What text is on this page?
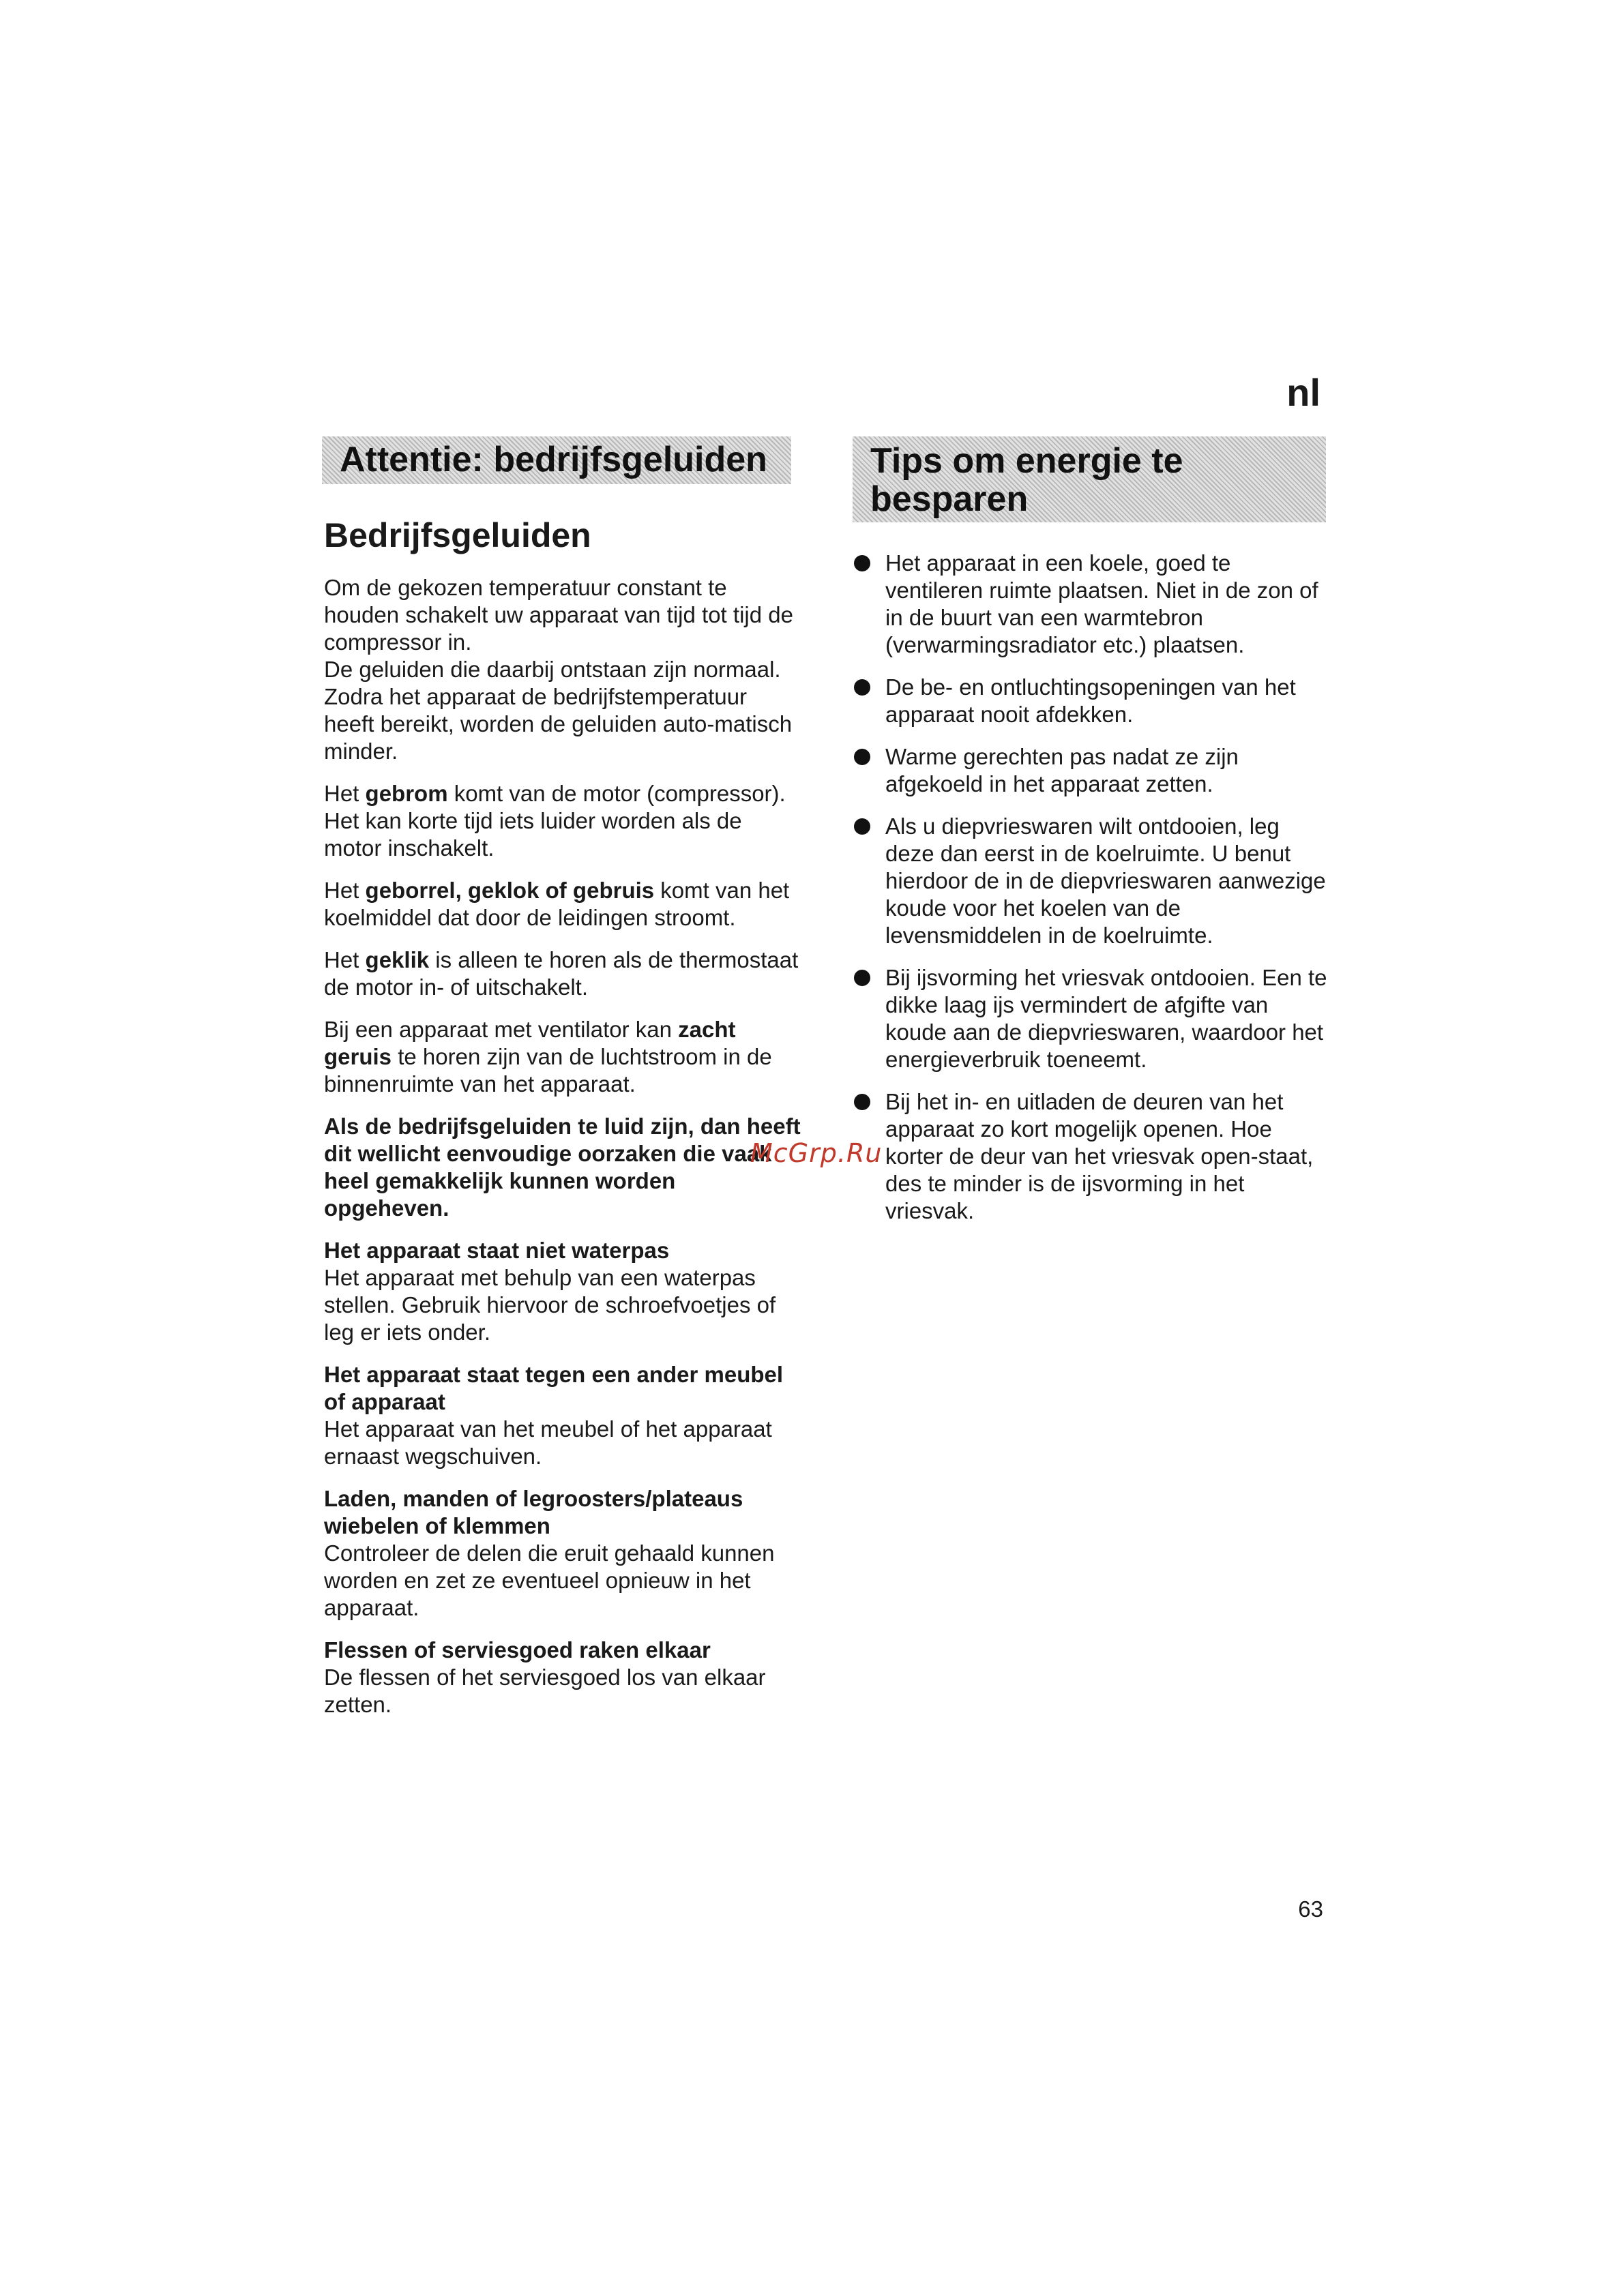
nl
Attentie: bedrijfsgeluiden	Tips om energie te
besparen
Bedrijfsgeluiden

Om de gekozen temperatuur constant te houden schakelt uw apparaat van tijd tot tijd de compressor in.
De geluiden die daarbij ontstaan zijn normaal.
Zodra het apparaat de bedrijfstemperatuur heeft bereikt, worden de geluiden auto-matisch minder.

Het gebrom komt van de motor (compressor). Het kan korte tijd iets luider worden als de motor inschakelt.

Het geborrel, geklok of gebruis komt van het koelmiddel dat door de leidingen stroomt.

Het geklik is alleen te horen als de thermostaat de motor in- of uitschakelt.

Bij een apparaat met ventilator kan zacht geruis te horen zijn van de luchtstroom in de binnenruimte van het apparaat.

Als de bedrijfsgeluiden te luid zijn, dan heeft dit wellicht eenvoudige oorzaken die vaak heel gemakkelijk kunnen worden opgeheven.

Het apparaat staat niet waterpas
Het apparaat met behulp van een waterpas stellen. Gebruik hiervoor de schroefvoetjes of leg er iets onder.

Het apparaat staat tegen een ander meubel of apparaat
Het apparaat van het meubel of het apparaat ernaast wegschuiven.

Laden, manden of legroosters/plateaus wiebelen of klemmen
Controleer de delen die eruit gehaald kunnen worden en zet ze eventueel opnieuw in het apparaat.

Flessen of serviesgoed raken elkaar
De flessen of het serviesgoed los van elkaar zetten.

Het apparaat in een koele, goed te ventileren ruimte plaatsen. Niet in de zon of in de buurt van een warmtebron (verwarmingsradiator etc.) plaatsen.
De be- en ontluchtingsopeningen van het apparaat nooit afdekken.
Warme gerechten pas nadat ze zijn afgekoeld in het apparaat zetten.
Als u diepvrieswaren wilt ontdooien, leg deze dan eerst in de koelruimte. U benut hierdoor de in de diepvrieswaren aanwezige koude voor het koelen van de levensmiddelen in de koelruimte.
Bij ijsvorming het vriesvak ontdooien. Een te dikke laag ijs vermindert de afgifte van koude aan de diepvrieswaren, waardoor het energieverbruik toeneemt.
Bij het in- en uitladen de deuren van het apparaat zo kort mogelijk openen. Hoe korter de deur van het vriesvak open-staat, des te minder is de ijsvorming in het vriesvak.
McGrp.Ru
63
